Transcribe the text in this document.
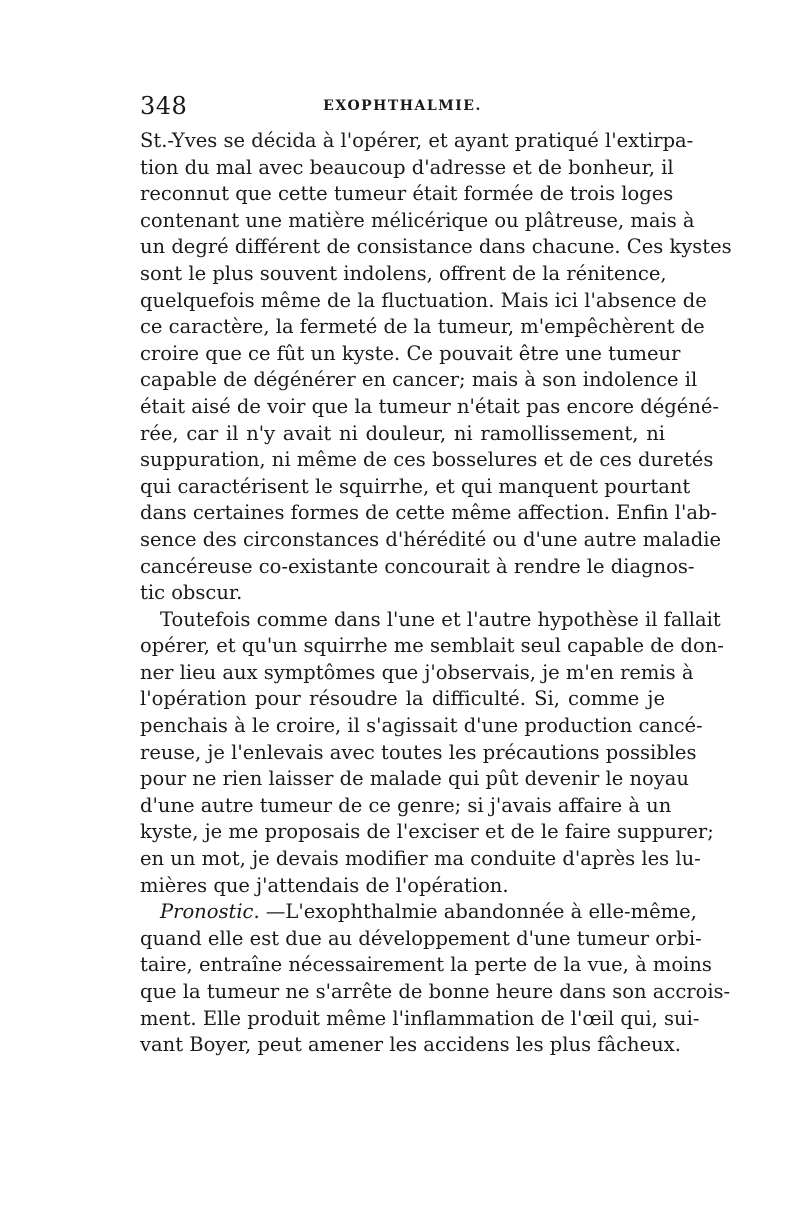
348	EXOPHTHALMIE.
St.-Yves se décida à l'opérer, et ayant pratiqué l'extirpa-
tion du mal avec beaucoup d'adresse et de bonheur, il
reconnut que cette tumeur était formée de trois loges
contenant une matière mélicérique ou plâtreuse, mais à
un degré différent de consistance dans chacune. Ces kystes
sont le plus souvent indolens, offrent de la rénitence,
quelquefois même de la fluctuation. Mais ici l'absence de
ce caractère, la fermeté de la tumeur, m'empêchèrent de
croire que ce fût un kyste. Ce pouvait être une tumeur
capable de dégénérer en cancer; mais à son indolence il
était aisé de voir que la tumeur n'était pas encore dégéné-
rée, car il n'y avait ni douleur, ni ramollissement, ni
suppuration, ni même de ces bosselures et de ces duretés
qui caractérisent le squirrhe, et qui manquent pourtant
dans certaines formes de cette même affection. Enfin l'ab-
sence des circonstances d'hérédité ou d'une autre maladie
cancéreuse co-existante concourait à rendre le diagnos-
tic obscur.
Toutefois comme dans l'une et l'autre hypothèse il fallait
opérer, et qu'un squirrhe me semblait seul capable de don-
ner lieu aux symptômes que j'observais, je m'en remis à
l'opération pour résoudre la difficulté. Si, comme je
penchais à le croire, il s'agissait d'une production cancé-
reuse, je l'enlevais avec toutes les précautions possibles
pour ne rien laisser de malade qui pût devenir le noyau
d'une autre tumeur de ce genre; si j'avais affaire à un
kyste, je me proposais de l'exciser et de le faire suppurer;
en un mot, je devais modifier ma conduite d'après les lu-
mières que j'attendais de l'opération.
Pronostic. —L'exophthalmie abandonnée à elle-même,
quand elle est due au développement d'une tumeur orbi-
taire, entraîne nécessairement la perte de la vue, à moins
que la tumeur ne s'arrête de bonne heure dans son accrois-
ment. Elle produit même l'inflammation de l'œil qui, sui-
vant Boyer, peut amener les accidens les plus fâcheux.
